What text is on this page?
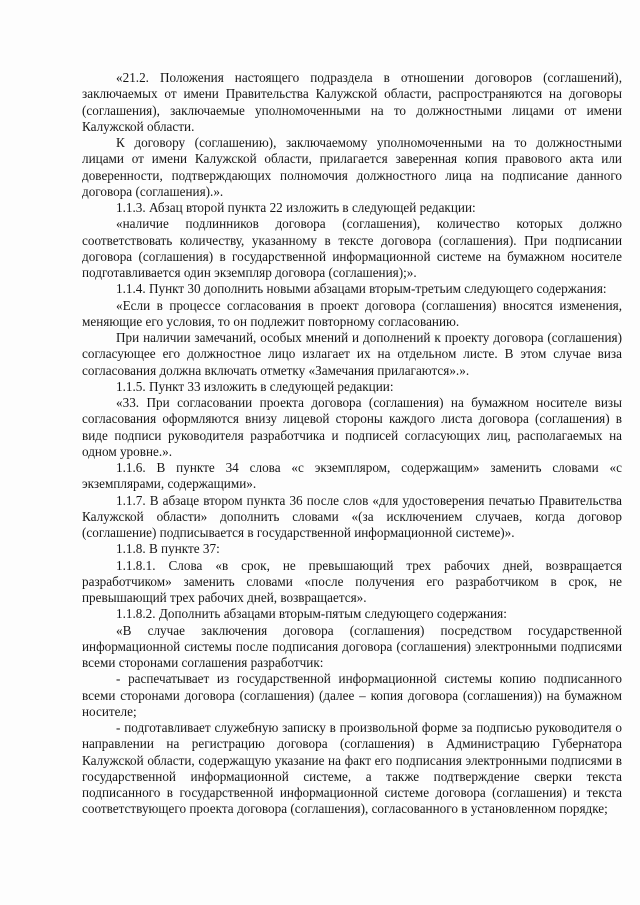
«21.2. Положения настоящего подраздела в отношении договоров (соглашений), заключаемых от имени Правительства Калужской области, распространяются на договоры (соглашения), заключаемые уполномоченными на то должностными лицами от имени Калужской области.

К договору (соглашению), заключаемому уполномоченными на то должностными лицами от имени Калужской области, прилагается заверенная копия правового акта или доверенности, подтверждающих полномочия должностного лица на подписание данного договора (соглашения).».

1.1.3. Абзац второй пункта 22 изложить в следующей редакции:

«наличие подлинников договора (соглашения), количество которых должно соответствовать количеству, указанному в тексте договора (соглашения). При подписании договора (соглашения) в государственной информационной системе на бумажном носителе подготавливается один экземпляр договора (соглашения);».

1.1.4. Пункт 30 дополнить новыми абзацами вторым-третьим следующего содержания:

«Если в процессе согласования в проект договора (соглашения) вносятся изменения, меняющие его условия, то он подлежит повторному согласованию.

При наличии замечаний, особых мнений и дополнений к проекту договора (соглашения) согласующее его должностное лицо излагает их на отдельном листе. В этом случае виза согласования должна включать отметку «Замечания прилагаются».».

1.1.5. Пункт 33 изложить в следующей редакции:

«33. При согласовании проекта договора (соглашения) на бумажном носителе визы согласования оформляются внизу лицевой стороны каждого листа договора (соглашения) в виде подписи руководителя разработчика и подписей согласующих лиц, располагаемых на одном уровне.».

1.1.6. В пункте 34 слова «с экземпляром, содержащим» заменить словами «с экземплярами, содержащими».

1.1.7. В абзаце втором пункта 36 после слов «для удостоверения печатью Правительства Калужской области» дополнить словами «(за исключением случаев, когда договор (соглашение) подписывается в государственной информационной системе)».

1.1.8. В пункте 37:

1.1.8.1. Слова «в срок, не превышающий трех рабочих дней, возвращается разработчиком» заменить словами «после получения его разработчиком в срок, не превышающий трех рабочих дней, возвращается».

1.1.8.2. Дополнить абзацами вторым-пятым следующего содержания:

«В случае заключения договора (соглашения) посредством государственной информационной системы после подписания договора (соглашения) электронными подписями всеми сторонами соглашения разработчик:

- распечатывает из государственной информационной системы копию подписанного всеми сторонами договора (соглашения) (далее – копия договора (соглашения)) на бумажном носителе;

- подготавливает служебную записку в произвольной форме за подписью руководителя о направлении на регистрацию договора (соглашения) в Администрацию Губернатора Калужской области, содержащую указание на факт его подписания электронными подписями в государственной информационной системе, а также подтверждение сверки текста подписанного в государственной информационной системе договора (соглашения) и текста соответствующего проекта договора (соглашения), согласованного в установленном порядке;
